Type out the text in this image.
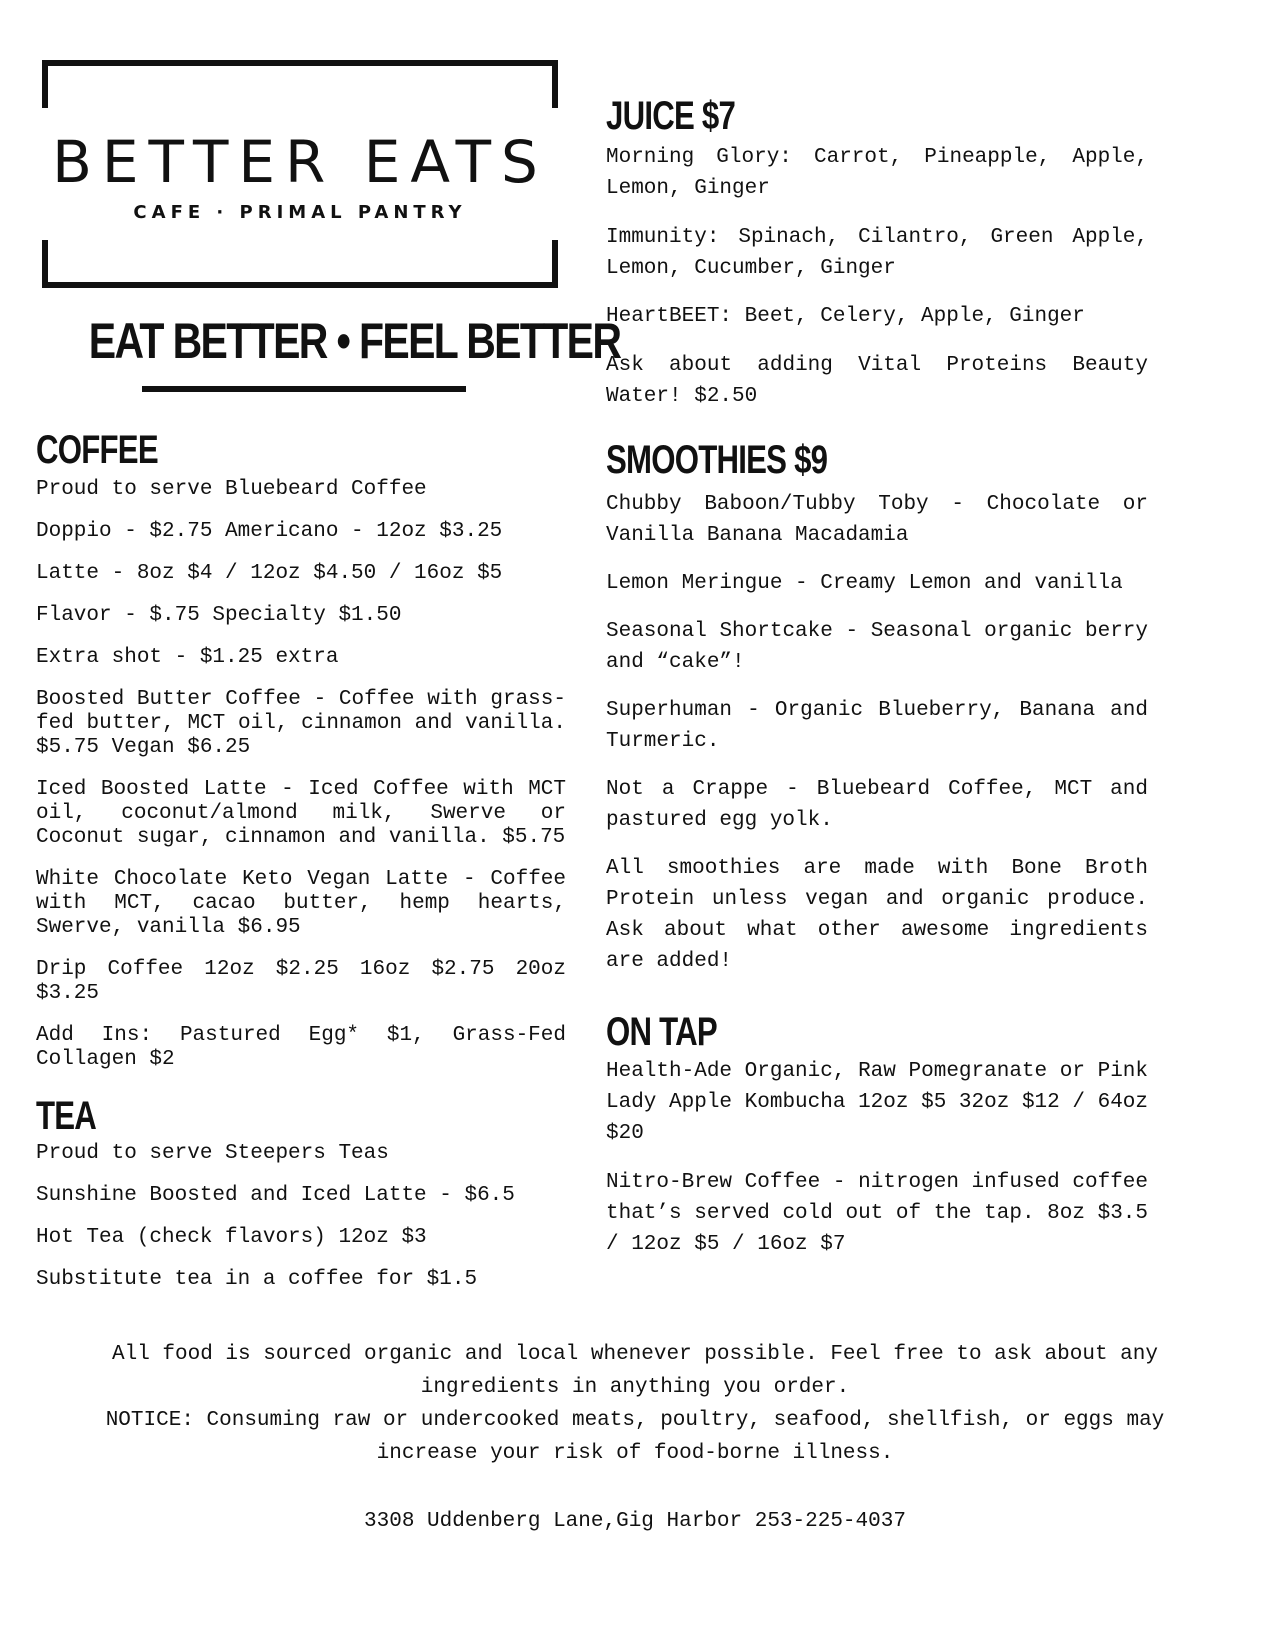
BETTER EATS
CAFE · PRIMAL PANTRY
EAT BETTER • FEEL BETTER
COFFEE

Proud to serve Bluebeard Coffee

Doppio - $2.75 Americano - 12oz $3.25

Latte - 8oz $4 / 12oz $4.50 / 16oz $5

Flavor - $.75 Specialty $1.50

Extra shot - $1.25 extra

Boosted Butter Coffee - Coffee with grass-fed butter, MCT oil, cinnamon and vanilla. $5.75 Vegan $6.25

Iced Boosted Latte - Iced Coffee with MCT oil, coconut/almond milk, Swerve or Coconut sugar, cinnamon and vanilla. $5.75

White Chocolate Keto Vegan Latte - Coffee with MCT, cacao butter, hemp hearts, Swerve, vanilla $6.95

Drip Coffee 12oz $2.25 16oz $2.75 20oz $3.25

Add Ins: Pastured Egg* $1, Grass-Fed Collagen $2

TEA

Proud to serve Steepers Teas

Sunshine Boosted and Iced Latte - $6.5

Hot Tea (check flavors) 12oz $3

Substitute tea in a coffee for $1.5

JUICE $7

Morning Glory: Carrot, Pineapple, Apple, Lemon, Ginger

Immunity: Spinach, Cilantro, Green Apple, Lemon, Cucumber, Ginger

HeartBEET: Beet, Celery, Apple, Ginger

Ask about adding Vital Proteins Beauty Water! $2.50

SMOOTHIES $9

Chubby Baboon/Tubby Toby - Chocolate or Vanilla Banana Macadamia

Lemon Meringue - Creamy Lemon and vanilla

Seasonal Shortcake - Seasonal organic berry and “cake”!

Superhuman - Organic Blueberry, Banana and Turmeric.

Not a Crappe - Bluebeard Coffee, MCT and pastured egg yolk.

All smoothies are made with Bone Broth Protein unless vegan and organic produce. Ask about what other awesome ingredients are added!

ON TAP

Health-Ade Organic, Raw Pomegranate or Pink Lady Apple Kombucha 12oz $5 32oz $12 / 64oz $20

Nitro-Brew Coffee - nitrogen infused coffee that’s served cold out of the tap. 8oz $3.5 / 12oz $5 / 16oz $7

All food is sourced organic and local whenever possible. Feel free to ask about any ingredients in anything you order.
NOTICE: Consuming raw or undercooked meats, poultry, seafood, shellfish, or eggs may increase your risk of food-borne illness.
3308 Uddenberg Lane,Gig Harbor 253-225-4037
